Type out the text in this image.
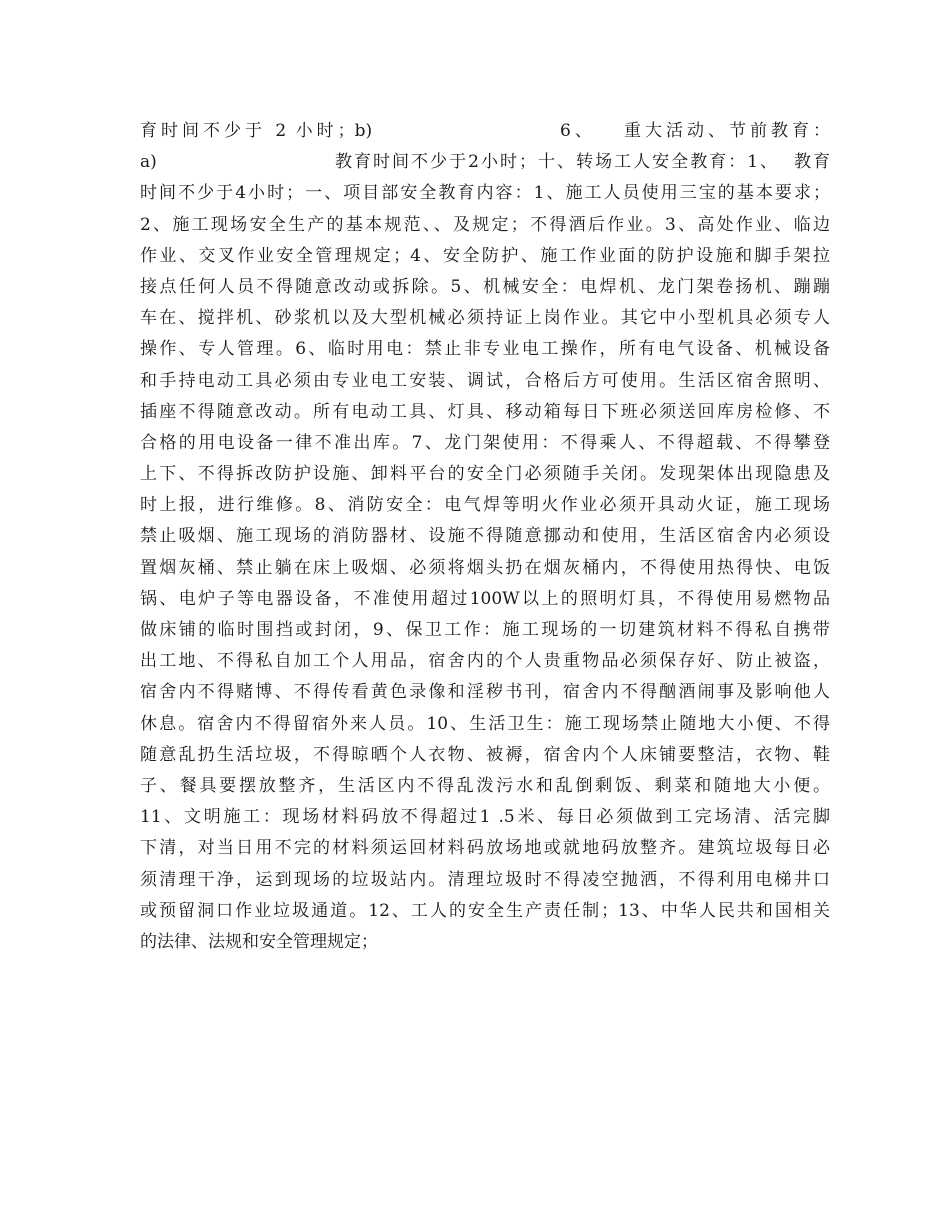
育时间不少于 2 小时；b)                    6、   重大活动、节前教育：
a)                        教育时间不少于2小时；十、转场工人安全教育：1、  教育
时间不少于4小时；一、项目部安全教育内容：1、施工人员使用三宝的基本要求；
2、施工现场安全生产的基本规范、、及规定；不得酒后作业。3、高处作业、临边
作业、交叉作业安全管理规定；4、安全防护、施工作业面的防护设施和脚手架拉
接点任何人员不得随意改动或拆除。5、机械安全：电焊机、龙门架卷扬机、蹦蹦
车在、搅拌机、砂浆机以及大型机械必须持证上岗作业。其它中小型机具必须专人
操作、专人管理。6、临时用电：禁止非专业电工操作，所有电气设备、机械设备
和手持电动工具必须由专业电工安装、调试，合格后方可使用。生活区宿舍照明、
插座不得随意改动。所有电动工具、灯具、移动箱每日下班必须送回库房检修、不
合格的用电设备一律不准出库。7、龙门架使用：不得乘人、不得超载、不得攀登
上下、不得拆改防护设施、卸料平台的安全门必须随手关闭。发现架体出现隐患及
时上报，进行维修。8、消防安全：电气焊等明火作业必须开具动火证，施工现场
禁止吸烟、施工现场的消防器材、设施不得随意挪动和使用，生活区宿舍内必须设
置烟灰桶、禁止躺在床上吸烟、必须将烟头扔在烟灰桶内，不得使用热得快、电饭
锅、电炉子等电器设备，不准使用超过100W以上的照明灯具，不得使用易燃物品
做床铺的临时围挡或封闭，9、保卫工作：施工现场的一切建筑材料不得私自携带
出工地、不得私自加工个人用品，宿舍内的个人贵重物品必须保存好、防止被盗，
宿舍内不得赌博、不得传看黄色录像和淫秽书刊，宿舍内不得酗酒闹事及影响他人
休息。宿舍内不得留宿外来人员。10、生活卫生：施工现场禁止随地大小便、不得
随意乱扔生活垃圾，不得晾晒个人衣物、被褥，宿舍内个人床铺要整洁，衣物、鞋
子、餐具要摆放整齐，生活区内不得乱泼污水和乱倒剩饭、剩菜和随地大小便。
11、文明施工：现场材料码放不得超过1 .5米、每日必须做到工完场清、活完脚
下清，对当日用不完的材料须运回材料码放场地或就地码放整齐。建筑垃圾每日必
须清理干净，运到现场的垃圾站内。清理垃圾时不得凌空抛洒，不得利用电梯井口
或预留洞口作业垃圾通道。12、工人的安全生产责任制；13、中华人民共和国相关
的法律、法规和安全管理规定；
